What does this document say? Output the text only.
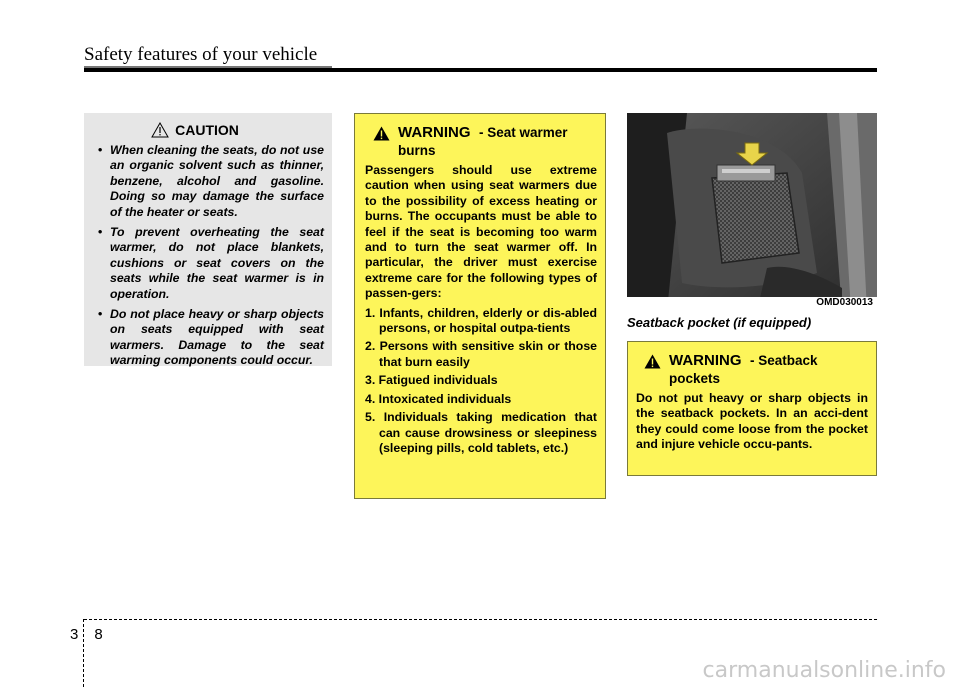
Safety features of your vehicle
CAUTION
• When cleaning the seats, do not use an organic solvent such as thinner, benzene, alcohol and gasoline. Doing so may damage the surface of the heater or seats.
• To prevent overheating the seat warmer, do not place blankets, cushions or seat covers on the seats while the seat warmer is in operation.
• Do not place heavy or sharp objects on seats equipped with seat warmers. Damage to the seat warming components could occur.
WARNING - Seat warmer burns
Passengers should use extreme caution when using seat warmers due to the possibility of excess heating or burns. The occupants must be able to feel if the seat is becoming too warm and to turn the seat warmer off. In particular, the driver must exercise extreme care for the following types of passen-gers:
1. Infants, children, elderly or dis-abled persons, or hospital outpa-tients
2. Persons with sensitive skin or those that burn easily
3. Fatigued individuals
4. Intoxicated individuals
5. Individuals taking medication that can cause drowsiness or sleepiness (sleeping pills, cold tablets, etc.)
OMD030013
Seatback pocket (if equipped)
WARNING - Seatback pockets
Do not put heavy or sharp objects in the seatback pockets. In an acci-dent they could come loose from the pocket and injure vehicle occu-pants.
3 8
carmanualsonline.info
